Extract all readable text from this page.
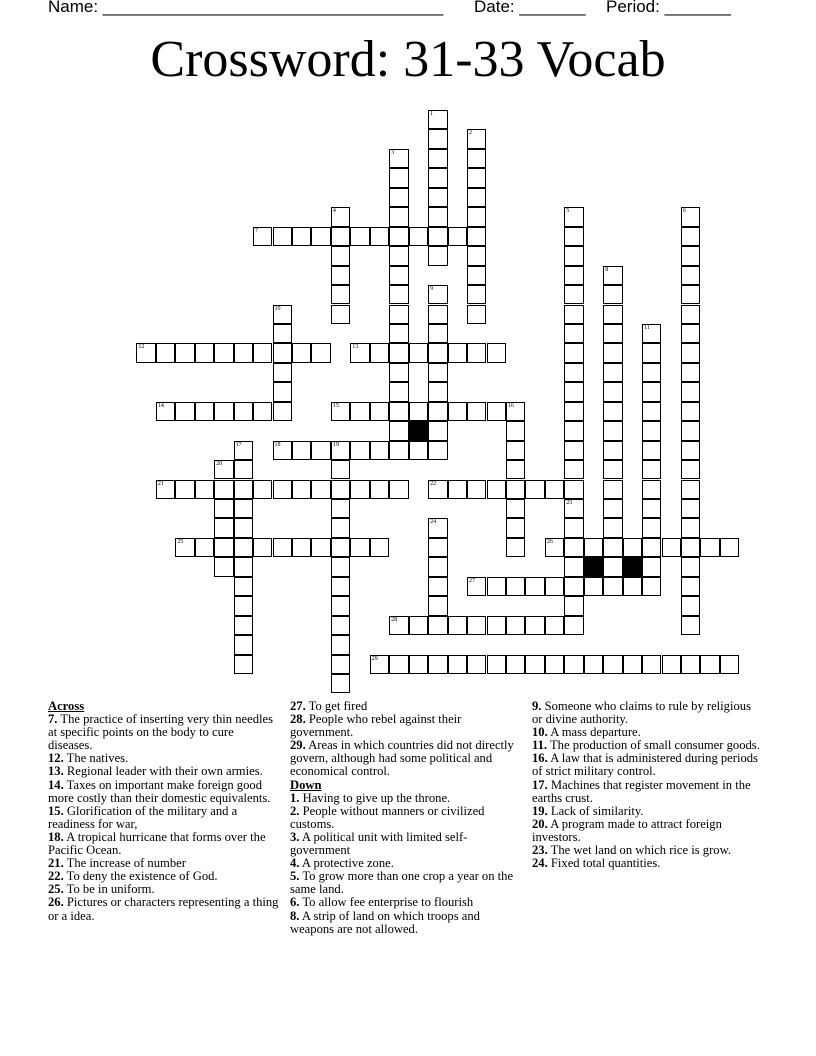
Name: ____________________________________ Date: _______ Period: _______
Crossword: 31-33 Vocab
7
12	13
14	15	16
18	19
21	22
25	26
27
28
29
1
2
3
4	5
23
6
8
9
10
11
17
20
24
Across
7. The practice of inserting very thin needles at specific points on the body to cure diseases.
12. The natives.
13. Regional leader with their own armies.
14. Taxes on important make foreign good more costly than their domestic equivalents.
15. Glorification of the military and a readiness for war,
18. A tropical hurricane that forms over the Pacific Ocean.
21. The increase of number
22. To deny the existence of God.
25. To be in uniform.
26. Pictures or characters representing a thing or a idea.
27. To get fired
28. People who rebel against their government.
29. Areas in which countries did not directly govern, although had some political and economical control.
Down
1. Having to give up the throne.
2. People without manners or civilized customs.
3. A political unit with limited self-government
4. A protective zone.
5. To grow more than one crop a year on the same land.
6. To allow fee enterprise to flourish
8. A strip of land on which troops and weapons are not allowed.
9. Someone who claims to rule by religious or divine authority.
10. A mass departure.
11. The production of small consumer goods.
16. A law that is administered during periods of strict military control.
17. Machines that register movement in the earths crust.
19. Lack of similarity.
20. A program made to attract foreign investors.
23. The wet land on which rice is grow.
24. Fixed total quantities.
